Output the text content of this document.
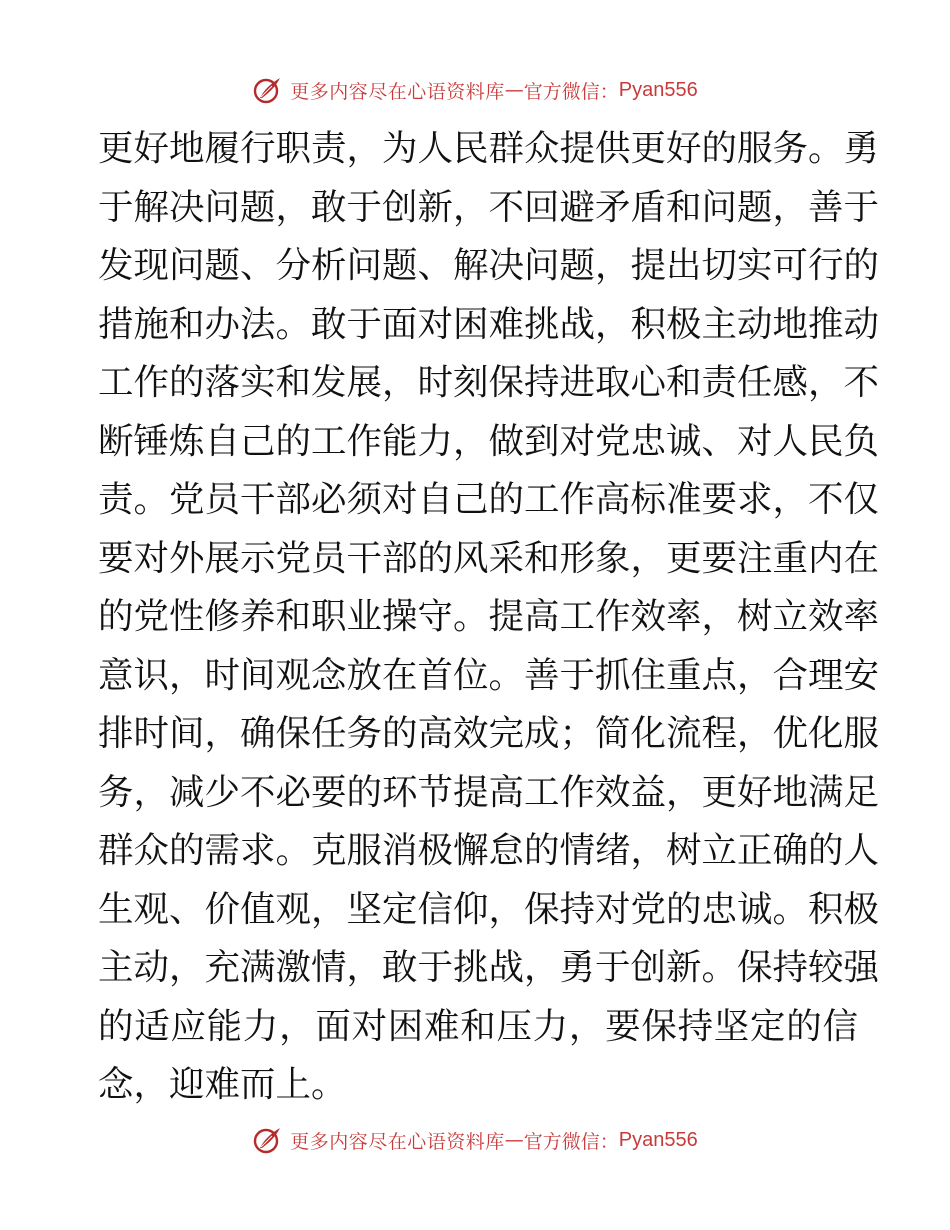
更多内容尽在心语资料库 — 官方微信： Pyan556
更好地履行职责，为人民群众提供更好的服务。勇
于解决问题，敢于创新，不回避矛盾和问题，善于
发现问题、分析问题、解决问题，提出切实可行的
措施和办法。敢于面对困难挑战，积极主动地推动
工作的落实和发展，时刻保持进取心和责任感，不
断锤炼自己的工作能力，做到对党忠诚、对人民负
责。党员干部必须对自己的工作高标准要求，不仅
要对外展示党员干部的风采和形象，更要注重内在
的党性修养和职业操守。提高工作效率，树立效率
意识，时间观念放在首位。善于抓住重点，合理安
排时间，确保任务的高效完成；简化流程，优化服
务，减少不必要的环节提高工作效益，更好地满足
群众的需求。克服消极懈怠的情绪，树立正确的人
生观、价值观，坚定信仰，保持对党的忠诚。积极
主动，充满激情，敢于挑战，勇于创新。保持较强
的适应能力，面对困难和压力，要保持坚定的信
念，迎难而上。
更多内容尽在心语资料库 — 官方微信： Pyan556
